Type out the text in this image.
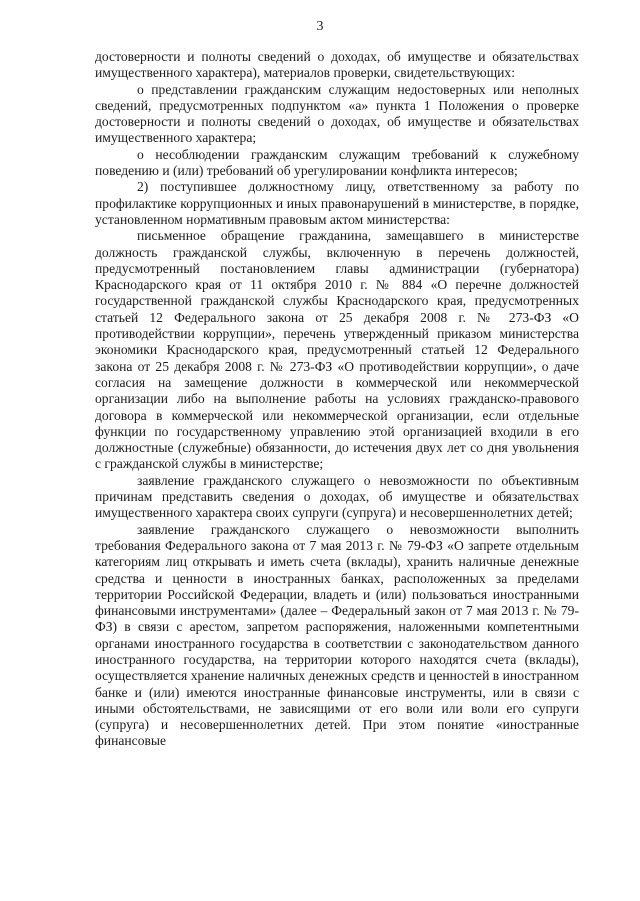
3

достоверности и полноты сведений о доходах, об имуществе и обязательствах имущественного характера), материалов проверки, свидетельствующих:

о представлении гражданским служащим недостоверных или неполных сведений, предусмотренных подпунктом «а» пункта 1 Положения о проверке достоверности и полноты сведений о доходах, об имуществе и обязательствах имущественного характера;

о несоблюдении гражданским служащим требований к служебному поведению и (или) требований об урегулировании конфликта интересов;

2) поступившее должностному лицу, ответственному за работу по профилактике коррупционных и иных правонарушений в министерстве, в порядке, установленном нормативным правовым актом министерства:

письменное обращение гражданина, замещавшего в министерстве должность гражданской службы, включенную в перечень должностей, предусмотренный постановлением главы администрации (губернатора) Краснодарского края от 11 октября 2010 г. № 884 «О перечне должностей государственной гражданской службы Краснодарского края, предусмотренных статьей 12 Федерального закона от 25 декабря 2008 г. № 273-ФЗ «О противодействии коррупции», перечень утвержденный приказом министерства экономики Краснодарского края, предусмотренный статьей 12 Федерального закона от 25 декабря 2008 г. № 273-ФЗ «О противодействии коррупции», о даче согласия на замещение должности в коммерческой или некоммерческой организации либо на выполнение работы на условиях гражданско-правового договора в коммерческой или некоммерческой организации, если отдельные функции по государственному управлению этой организацией входили в его должностные (служебные) обязанности, до истечения двух лет со дня увольнения с гражданской службы в министерстве;

заявление гражданского служащего о невозможности по объективным причинам представить сведения о доходах, об имуществе и обязательствах имущественного характера своих супруги (супруга) и несовершеннолетних детей;

заявление гражданского служащего о невозможности выполнить требования Федерального закона от 7 мая 2013 г. № 79-ФЗ «О запрете отдельным категориям лиц открывать и иметь счета (вклады), хранить наличные денежные средства и ценности в иностранных банках, расположенных за пределами территории Российской Федерации, владеть и (или) пользоваться иностранными финансовыми инструментами» (далее – Федеральный закон от 7 мая 2013 г. № 79-ФЗ) в связи с арестом, запретом распоряжения, наложенными компетентными органами иностранного государства в соответствии с законодательством данного иностранного государства, на территории которого находятся счета (вклады), осуществляется хранение наличных денежных средств и ценностей в иностранном банке и (или) имеются иностранные финансовые инструменты, или в связи с иными обстоятельствами, не зависящими от его воли или воли его супруги (супруга) и несовершеннолетних детей. При этом понятие «иностранные финансовые
